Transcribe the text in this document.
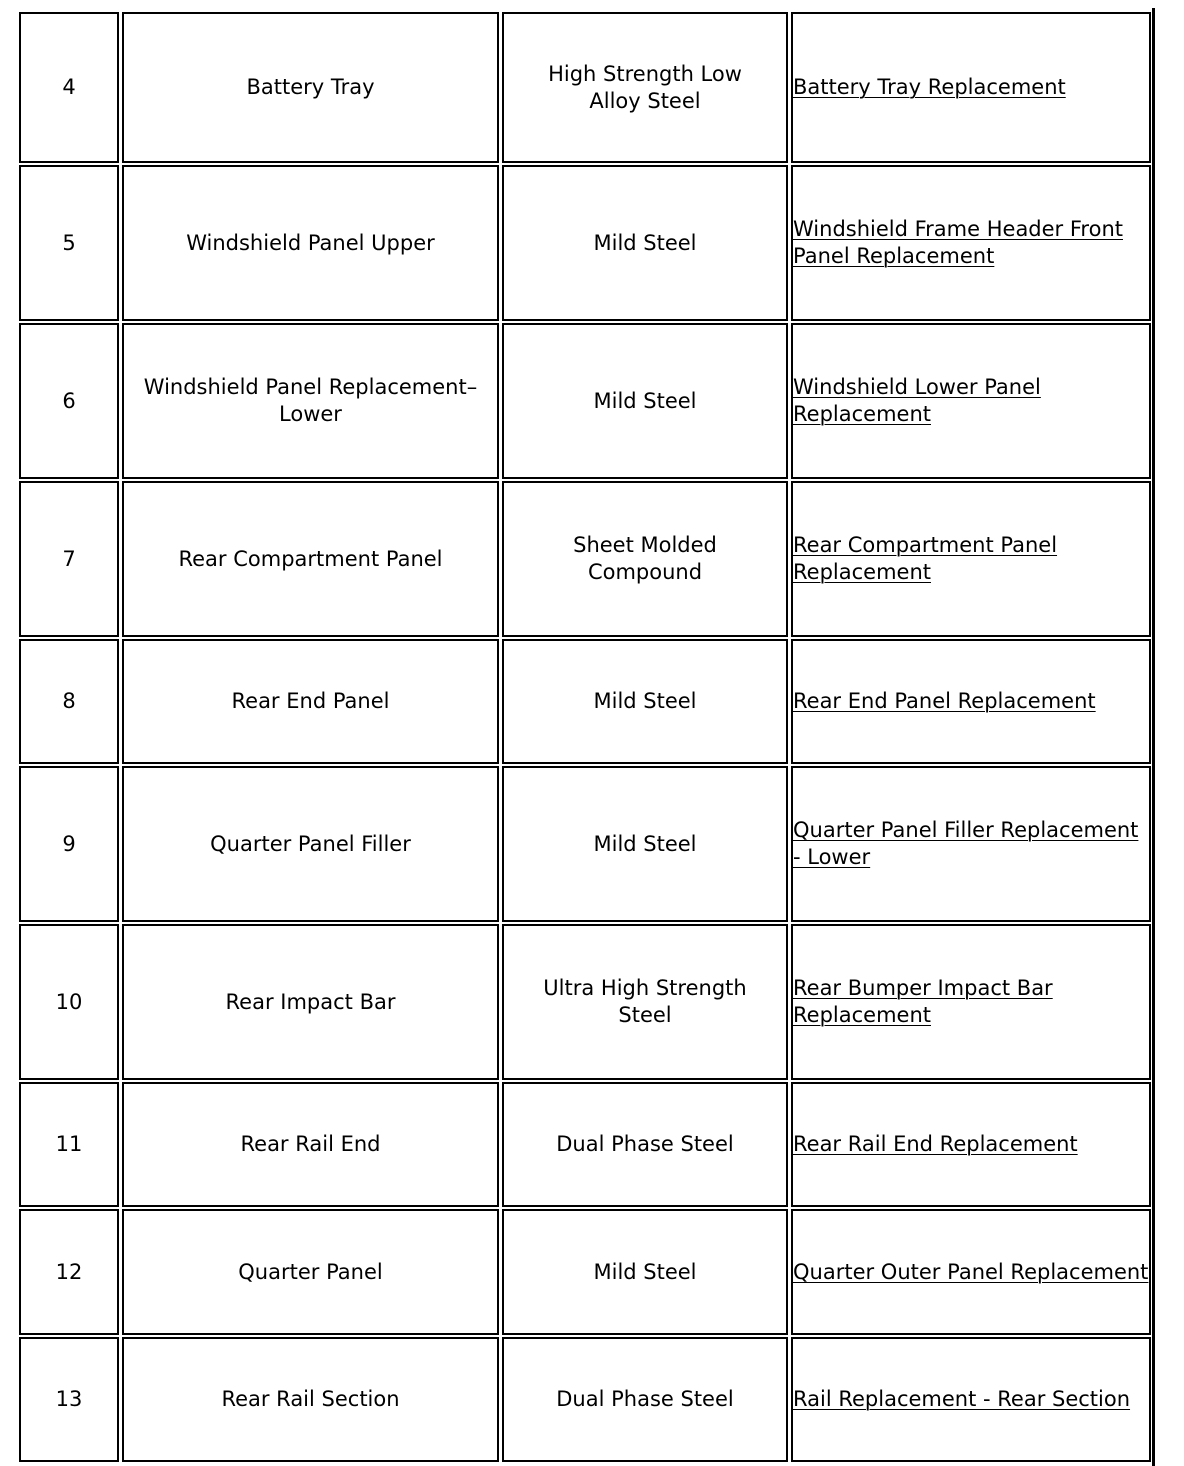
4	Battery Tray	High Strength Low Alloy Steel	Battery Tray Replacement
5	Windshield Panel Upper	Mild Steel	Windshield Frame Header Front Panel Replacement
6	Windshield Panel Replacement–Lower	Mild Steel	Windshield Lower Panel Replacement
7	Rear Compartment Panel	Sheet Molded Compound	Rear Compartment Panel Replacement
8	Rear End Panel	Mild Steel	Rear End Panel Replacement
9	Quarter Panel Filler	Mild Steel	Quarter Panel Filler Replacement - Lower
10	Rear Impact Bar	Ultra High Strength Steel	Rear Bumper Impact Bar Replacement
11	Rear Rail End	Dual Phase Steel	Rear Rail End Replacement
12	Quarter Panel	Mild Steel	Quarter Outer Panel Replacement
13	Rear Rail Section	Dual Phase Steel	Rail Replacement - Rear Section
